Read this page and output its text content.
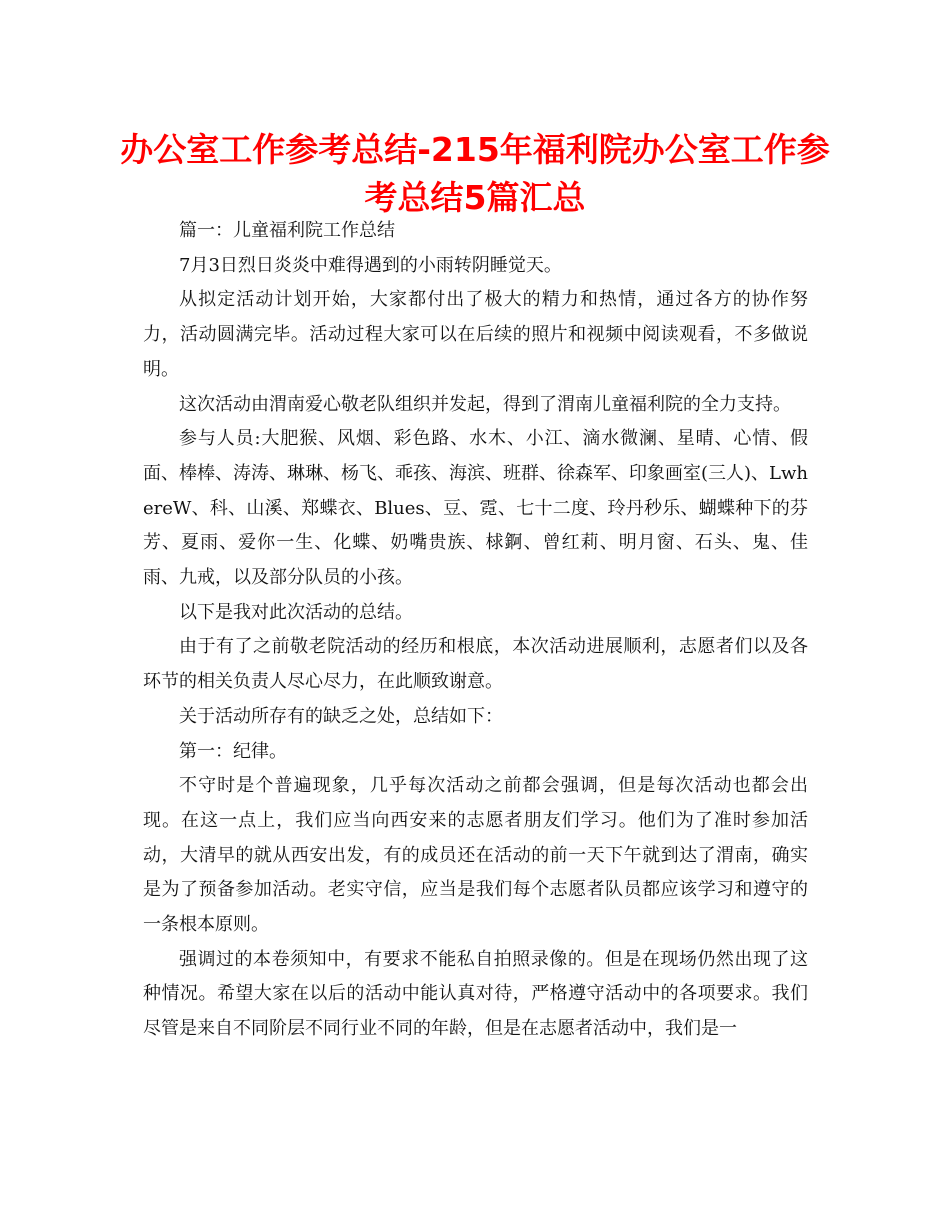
办公室工作参考总结-215年福利院办公室工作参考总结5篇汇总

篇一：儿童福利院工作总结

7月3日烈日炎炎中难得遇到的小雨转阴睡觉天。

从拟定活动计划开始，大家都付出了极大的精力和热情，通过各方的协作努力，活动圆满完毕。活动过程大家可以在后续的照片和视频中阅读观看，不多做说明。

这次活动由渭南爱心敬老队组织并发起，得到了渭南儿童福利院的全力支持。

参与人员:大肥猴、风烟、彩色路、水木、小江、滴水微澜、星晴、心情、假面、棒棒、涛涛、琳琳、杨飞、乖孩、海滨、班群、徐森军、印象画室(三人)、LwhereW、科、山溪、郑蝶衣、Blues、豆、霓、七十二度、玲丹秒乐、蝴蝶种下的芬芳、夏雨、爱你一生、化蝶、奶嘴贵族、梂錒、曾红莉、明月窗、石头、鬼、佳雨、九戒，以及部分队员的小孩。

以下是我对此次活动的总结。

由于有了之前敬老院活动的经历和根底，本次活动进展顺利，志愿者们以及各环节的相关负责人尽心尽力，在此顺致谢意。

关于活动所存有的缺乏之处，总结如下：

第一：纪律。

不守时是个普遍现象，几乎每次活动之前都会强调，但是每次活动也都会出现。在这一点上，我们应当向西安来的志愿者朋友们学习。他们为了准时参加活动，大清早的就从西安出发，有的成员还在活动的前一天下午就到达了渭南，确实是为了预备参加活动。老实守信，应当是我们每个志愿者队员都应该学习和遵守的一条根本原则。

强调过的本卷须知中，有要求不能私自拍照录像的。但是在现场仍然出现了这种情况。希望大家在以后的活动中能认真对待，严格遵守活动中的各项要求。我们尽管是来自不同阶层不同行业不同的年龄，但是在志愿者活动中，我们是一
